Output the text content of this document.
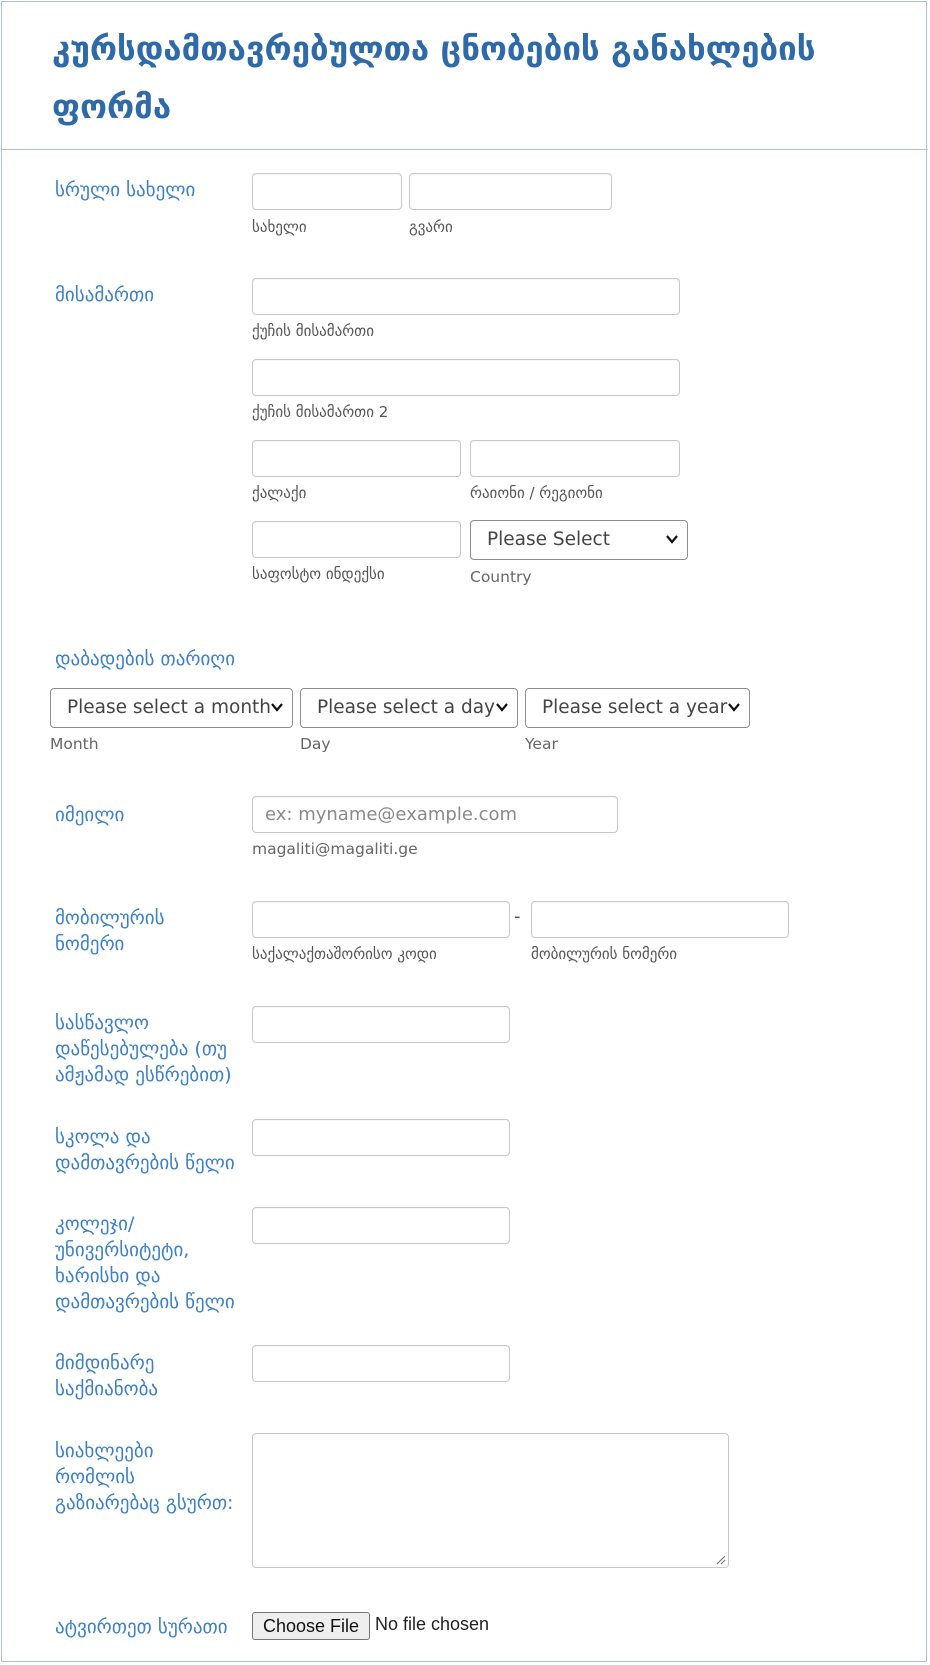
კურსდამთავრებულთა ცნობების განახლების ფორმა
სრული სახელი
სახელი	გვარი
მისამართი
ქუჩის მისამართი
ქუჩის მისამართი 2
ქალაქი	რაიონი / რეგიონი
საფოსტო ინდექსი
Please Select
Country
დაბადების თარიღი
Please select a month Please select a day	Please select a year
Month	Day	Year
იმეილი	ex: myname@example.com
magaliti@magaliti.ge
მობილურის
ნომერი
-
საქალაქთაშორისო კოდი	მობილურის ნომერი
სასწავლო
დაწესებულება (თუ
ამჟამად ესწრებით)
სკოლა და
დამთავრების წელი
კოლეჯი/
უნივერსიტეტი,
ხარისხი და
დამთავრების წელი
მიმდინარე
საქმიანობა
სიახლეები
რომლის
გაზიარებაც გსურთ:
ატვირთეთ სურათი	Choose File No file chosen
